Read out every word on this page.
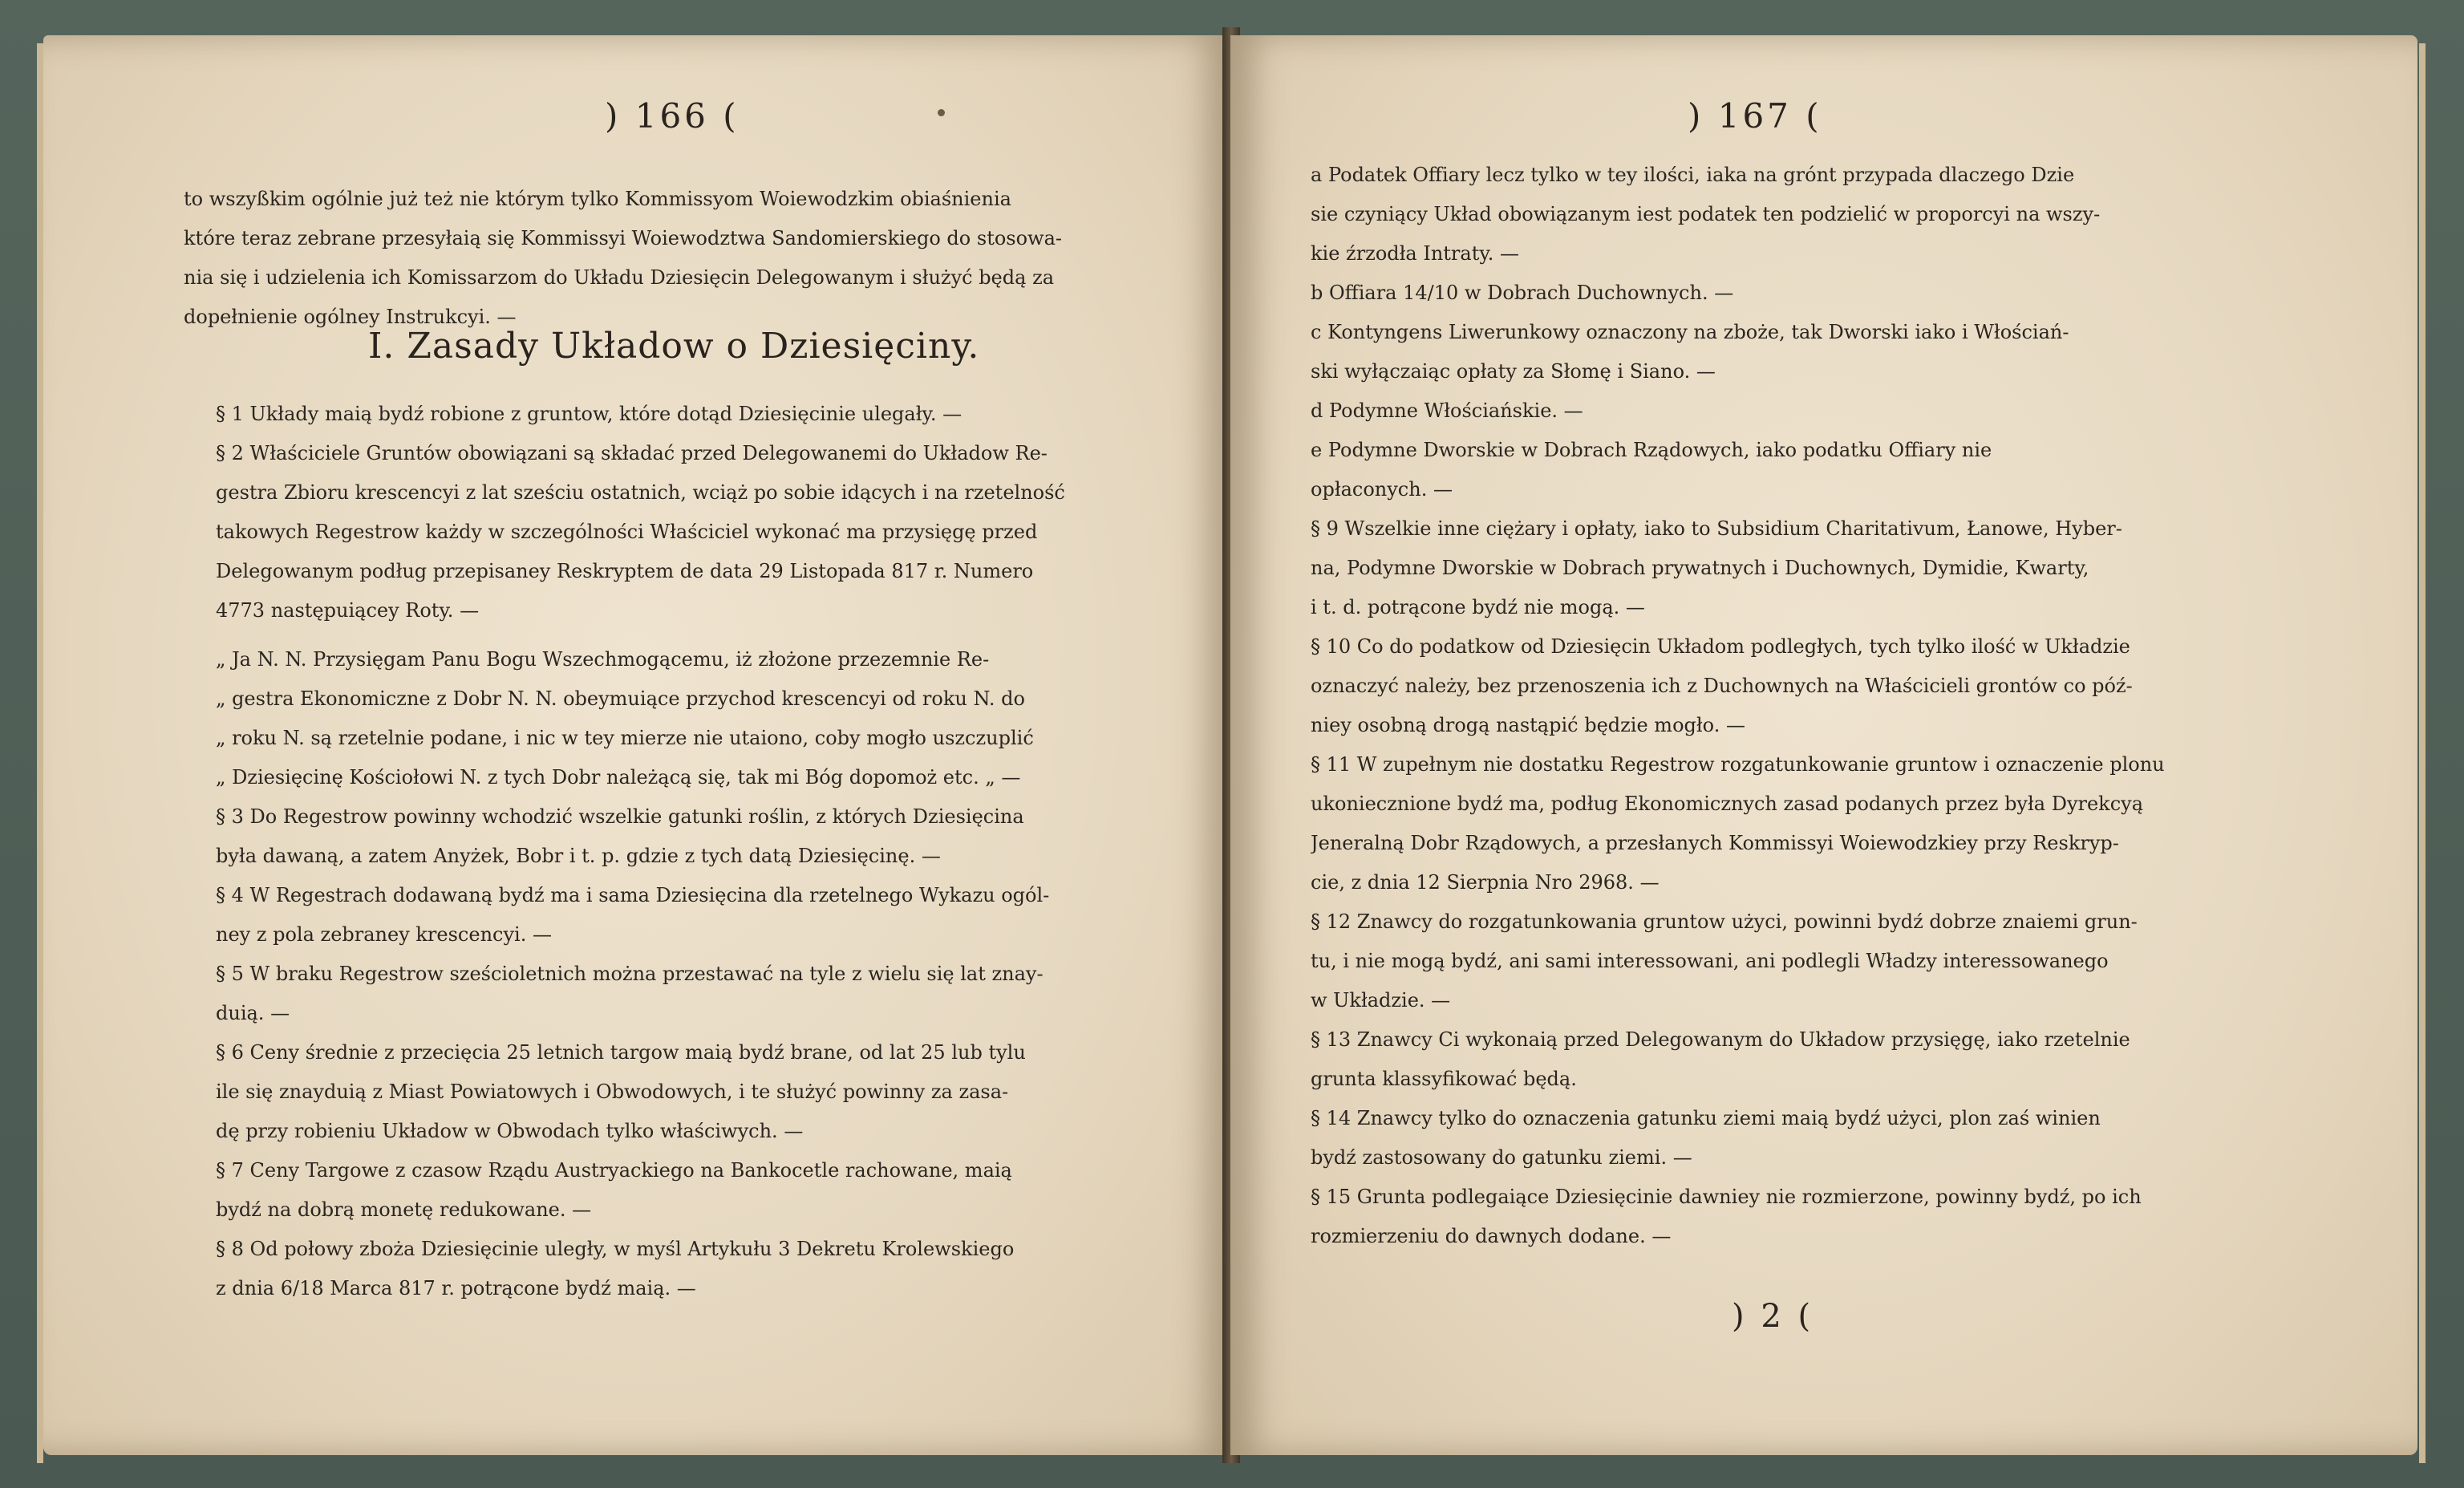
) 166 (
to wszyßkim ogólnie już też nie którym tylko Kommissyom Woiewodzkim obiaśnienia
które teraz zebrane przesyłaią się Kommissyi Woiewodztwa Sandomierskiego do stosowa-
nia się i udzielenia ich Komissarzom do Układu Dziesięcin Delegowanym i służyć będą za
dopełnienie ogólney Instrukcyi. —
I. Zasady Układow o Dziesięciny.
§ 1 Układy maią bydź robione z gruntow, które dotąd Dziesięcinie ulegały. —
§ 2 Właściciele Gruntów obowiązani są składać przed Delegowanemi do Układow Re-
gestra Zbioru krescencyi z lat sześciu ostatnich, wciąż po sobie idących i na rzetelność
takowych Regestrow każdy w szczególności Właściciel wykonać ma przysięgę przed
Delegowanym podług przepisaney Reskryptem de data 29 Listopada 817 r. Numero
4773 następuiącey Roty. —
„ Ja N. N. Przysięgam Panu Bogu Wszechmogącemu, iż złożone przezemnie Re-
„ gestra Ekonomiczne z Dobr N. N. obeymuiące przychod krescencyi od roku N. do
„ roku N. są rzetelnie podane, i nic w tey mierze nie utaiono, coby mogło uszczuplić
„ Dziesięcinę Kościołowi N. z tych Dobr należącą się, tak mi Bóg dopomoż etc. „ —
§ 3 Do Regestrow powinny wchodzić wszelkie gatunki roślin, z których Dziesięcina
była dawaną, a zatem Anyżek, Bobr i t. p. gdzie z tych datą Dziesięcinę. —
§ 4 W Regestrach dodawaną bydź ma i sama Dziesięcina dla rzetelnego Wykazu ogól-
ney z pola zebraney krescencyi. —
§ 5 W braku Regestrow sześcioletnich można przestawać na tyle z wielu się lat znay-
duią. —
§ 6 Ceny średnie z przecięcia 25 letnich targow maią bydź brane, od lat 25 lub tylu
ile się znayduią z Miast Powiatowych i Obwodowych, i te służyć powinny za zasa-
dę przy robieniu Układow w Obwodach tylko właściwych. —
§ 7 Ceny Targowe z czasow Rządu Austryackiego na Bankocetle rachowane, maią
bydź na dobrą monetę redukowane. —
§ 8 Od połowy zboża Dziesięcinie uległy, w myśl Artykułu 3 Dekretu Krolewskiego
z dnia 6/18 Marca 817 r. potrącone bydź maią. —
) 167 (
a Podatek Offiary lecz tylko w tey ilości, iaka na grónt przypada dlaczego Dzie
sie czyniący Układ obowiązanym iest podatek ten podzielić w proporcyi na wszy-
kie źrzodła Intraty. —
b Offiara 14/10 w Dobrach Duchownych. —
c Kontyngens Liwerunkowy oznaczony na zboże, tak Dworski iako i Włościań-
ski wyłączaiąc opłaty za Słomę i Siano. —
d Podymne Włościańskie. —
e Podymne Dworskie w Dobrach Rządowych, iako podatku Offiary nie
opłaconych. —
§ 9 Wszelkie inne ciężary i opłaty, iako to Subsidium Charitativum, Łanowe, Hyber-
na, Podymne Dworskie w Dobrach prywatnych i Duchownych, Dymidie, Kwarty,
i t. d. potrącone bydź nie mogą. —
§ 10 Co do podatkow od Dziesięcin Układom podległych, tych tylko ilość w Układzie
oznaczyć należy, bez przenoszenia ich z Duchownych na Właścicieli grontów co póź-
niey osobną drogą nastąpić będzie mogło. —
§ 11 W zupełnym nie dostatku Regestrow rozgatunkowanie gruntow i oznaczenie plonu
ukoniecznione bydź ma, podług Ekonomicznych zasad podanych przez była Dyrekcyą
Jeneralną Dobr Rządowych, a przesłanych Kommissyi Woiewodzkiey przy Reskryp-
cie, z dnia 12 Sierpnia Nro 2968. —
§ 12 Znawcy do rozgatunkowania gruntow użyci, powinni bydź dobrze znaiemi grun-
tu, i nie mogą bydź, ani sami interessowani, ani podlegli Władzy interessowanego
w Układzie. —
§ 13 Znawcy Ci wykonaią przed Delegowanym do Układow przysięgę, iako rzetelnie
grunta klassyfikować będą.
§ 14 Znawcy tylko do oznaczenia gatunku ziemi maią bydź użyci, plon zaś winien
bydź zastosowany do gatunku ziemi. —
§ 15 Grunta podlegaiące Dziesięcinie dawniey nie rozmierzone, powinny bydź, po ich
rozmierzeniu do dawnych dodane. —
) 2 (
